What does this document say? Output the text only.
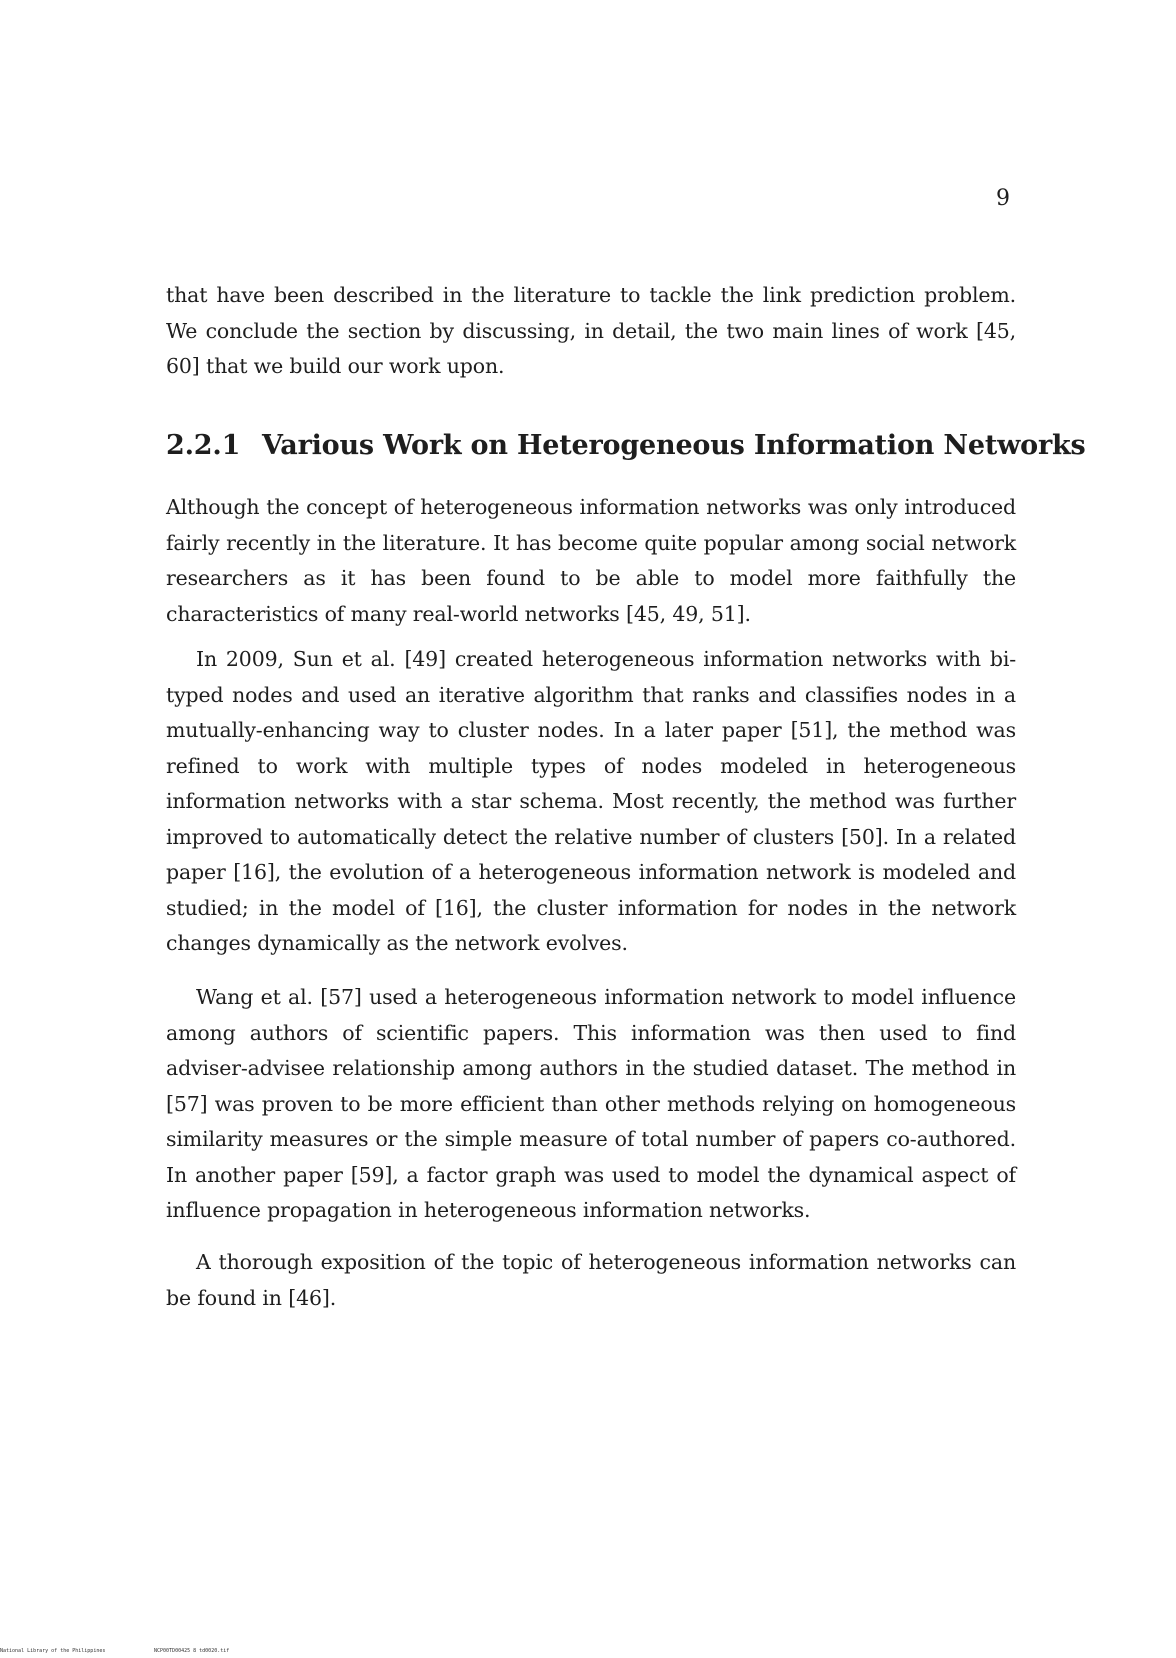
9

that have been described in the literature to tackle the link prediction problem. We conclude the section by discussing, in detail, the two main lines of work [45, 60] that we build our work upon.

2.2.1 Various Work on Heterogeneous Information Networks

Although the concept of heterogeneous information networks was only introduced fairly recently in the literature. It has become quite popular among social network researchers as it has been found to be able to model more faithfully the characteristics of many real-world networks [45, 49, 51].

In 2009, Sun et al. [49] created heterogeneous information networks with bi-typed nodes and used an iterative algorithm that ranks and classifies nodes in a mutually-enhancing way to cluster nodes. In a later paper [51], the method was refined to work with multiple types of nodes modeled in heterogeneous information networks with a star schema. Most recently, the method was further improved to automatically detect the relative number of clusters [50]. In a related paper [16], the evolution of a heterogeneous information network is modeled and studied; in the model of [16], the cluster information for nodes in the network changes dynamically as the network evolves.

Wang et al. [57] used a heterogeneous information network to model influence among authors of scientific papers. This information was then used to find adviser-advisee relationship among authors in the studied dataset. The method in [57] was proven to be more efficient than other methods relying on homogeneous similarity measures or the simple measure of total number of papers co-authored. In another paper [59], a factor graph was used to model the dynamical aspect of influence propagation in heterogeneous information networks.

A thorough exposition of the topic of heterogeneous information networks can be found in [46].

National Library of the Philippines	NCP00TD00425 8 td0020.tif
